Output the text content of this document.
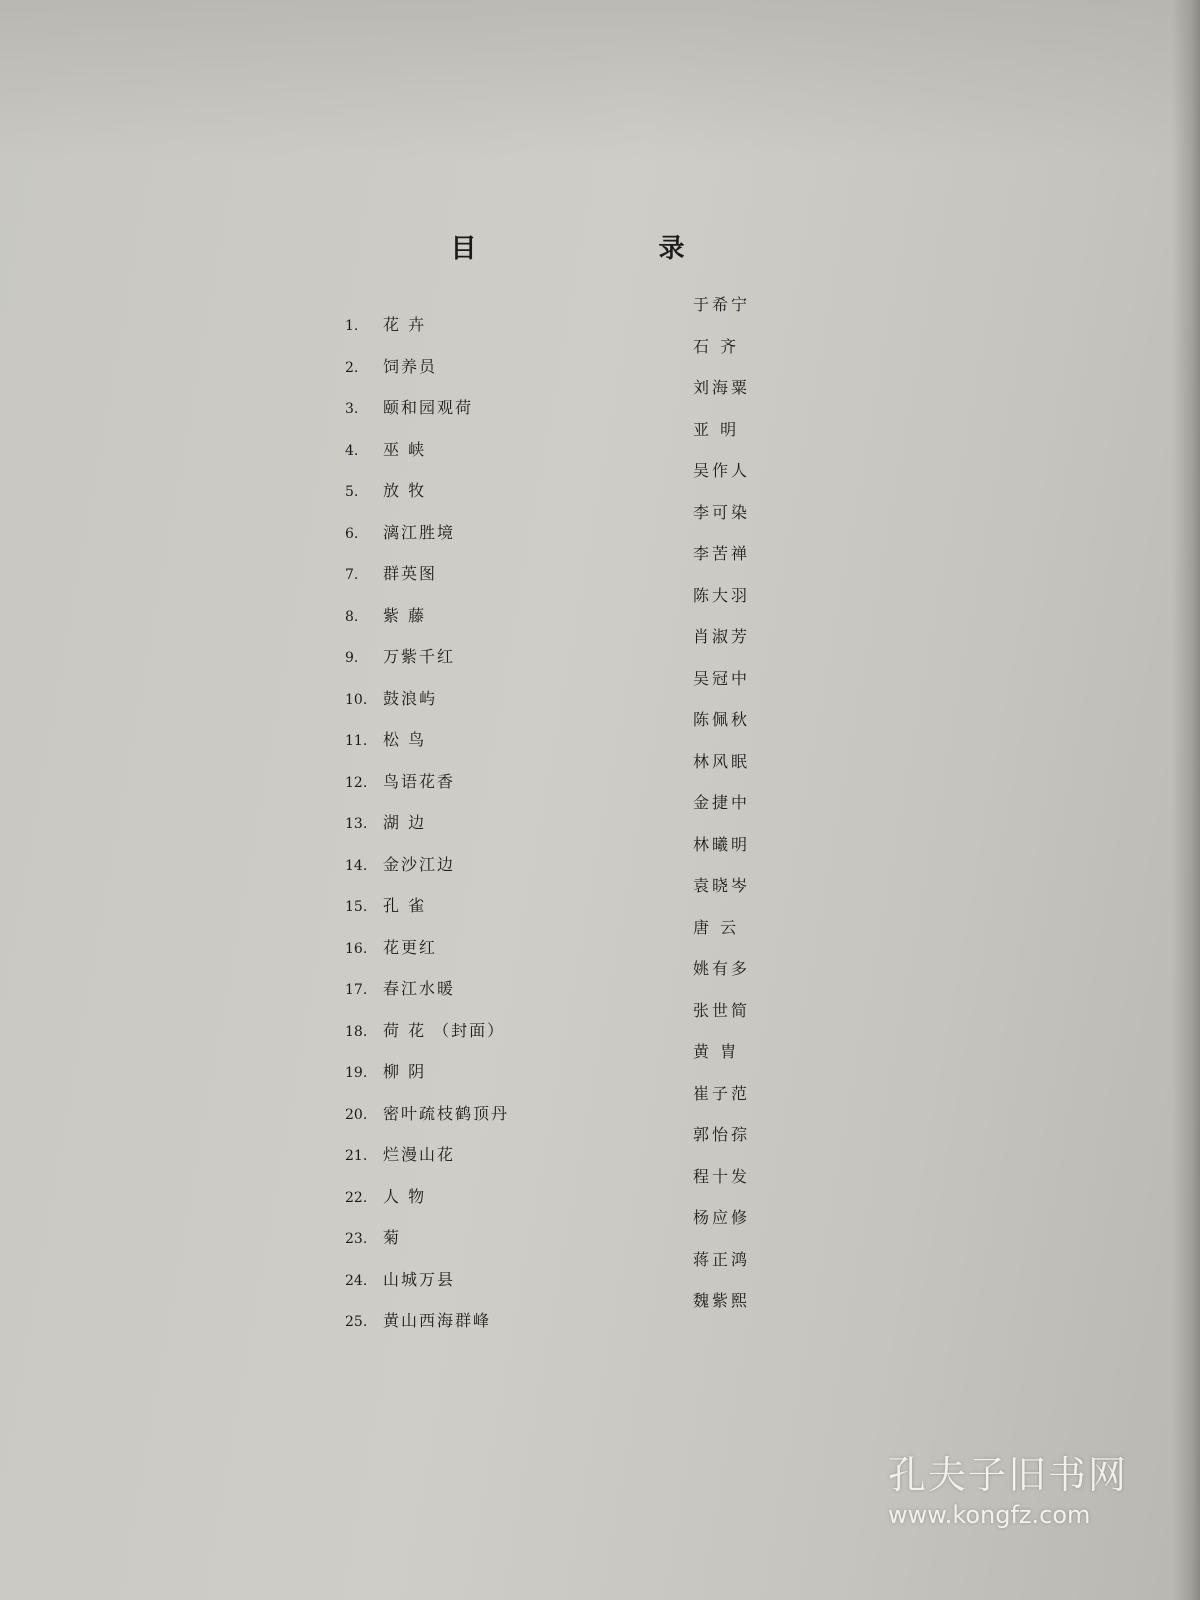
目　录
1. 花 卉
2. 饲养员
3. 颐和园观荷
4. 巫 峡
5. 放 牧
6. 漓江胜境
7. 群英图
8. 紫 藤
9. 万紫千红
10. 鼓浪屿
11. 松 鸟
12. 鸟语花香
13. 湖 边
14. 金沙江边
15. 孔 雀
16. 花更红
17. 春江水暖
18. 荷 花 （封面）
19. 柳 阴
20. 密叶疏枝鹤顶丹
21. 烂漫山花
22. 人 物
23. 菊
24. 山城万县
25. 黄山西海群峰
于希宁
石 齐
刘海粟
亚 明
吴作人
李可染
李苦禅
陈大羽
肖淑芳
吴冠中
陈佩秋
林风眠
金捷中
林曦明
袁晓岑
唐 云
姚有多
张世简
黄 胄
崔子范
郭怡孮
程十发
杨应修
蒋正鸿
魏紫熙
孔夫子旧书网
www.kongfz.com
